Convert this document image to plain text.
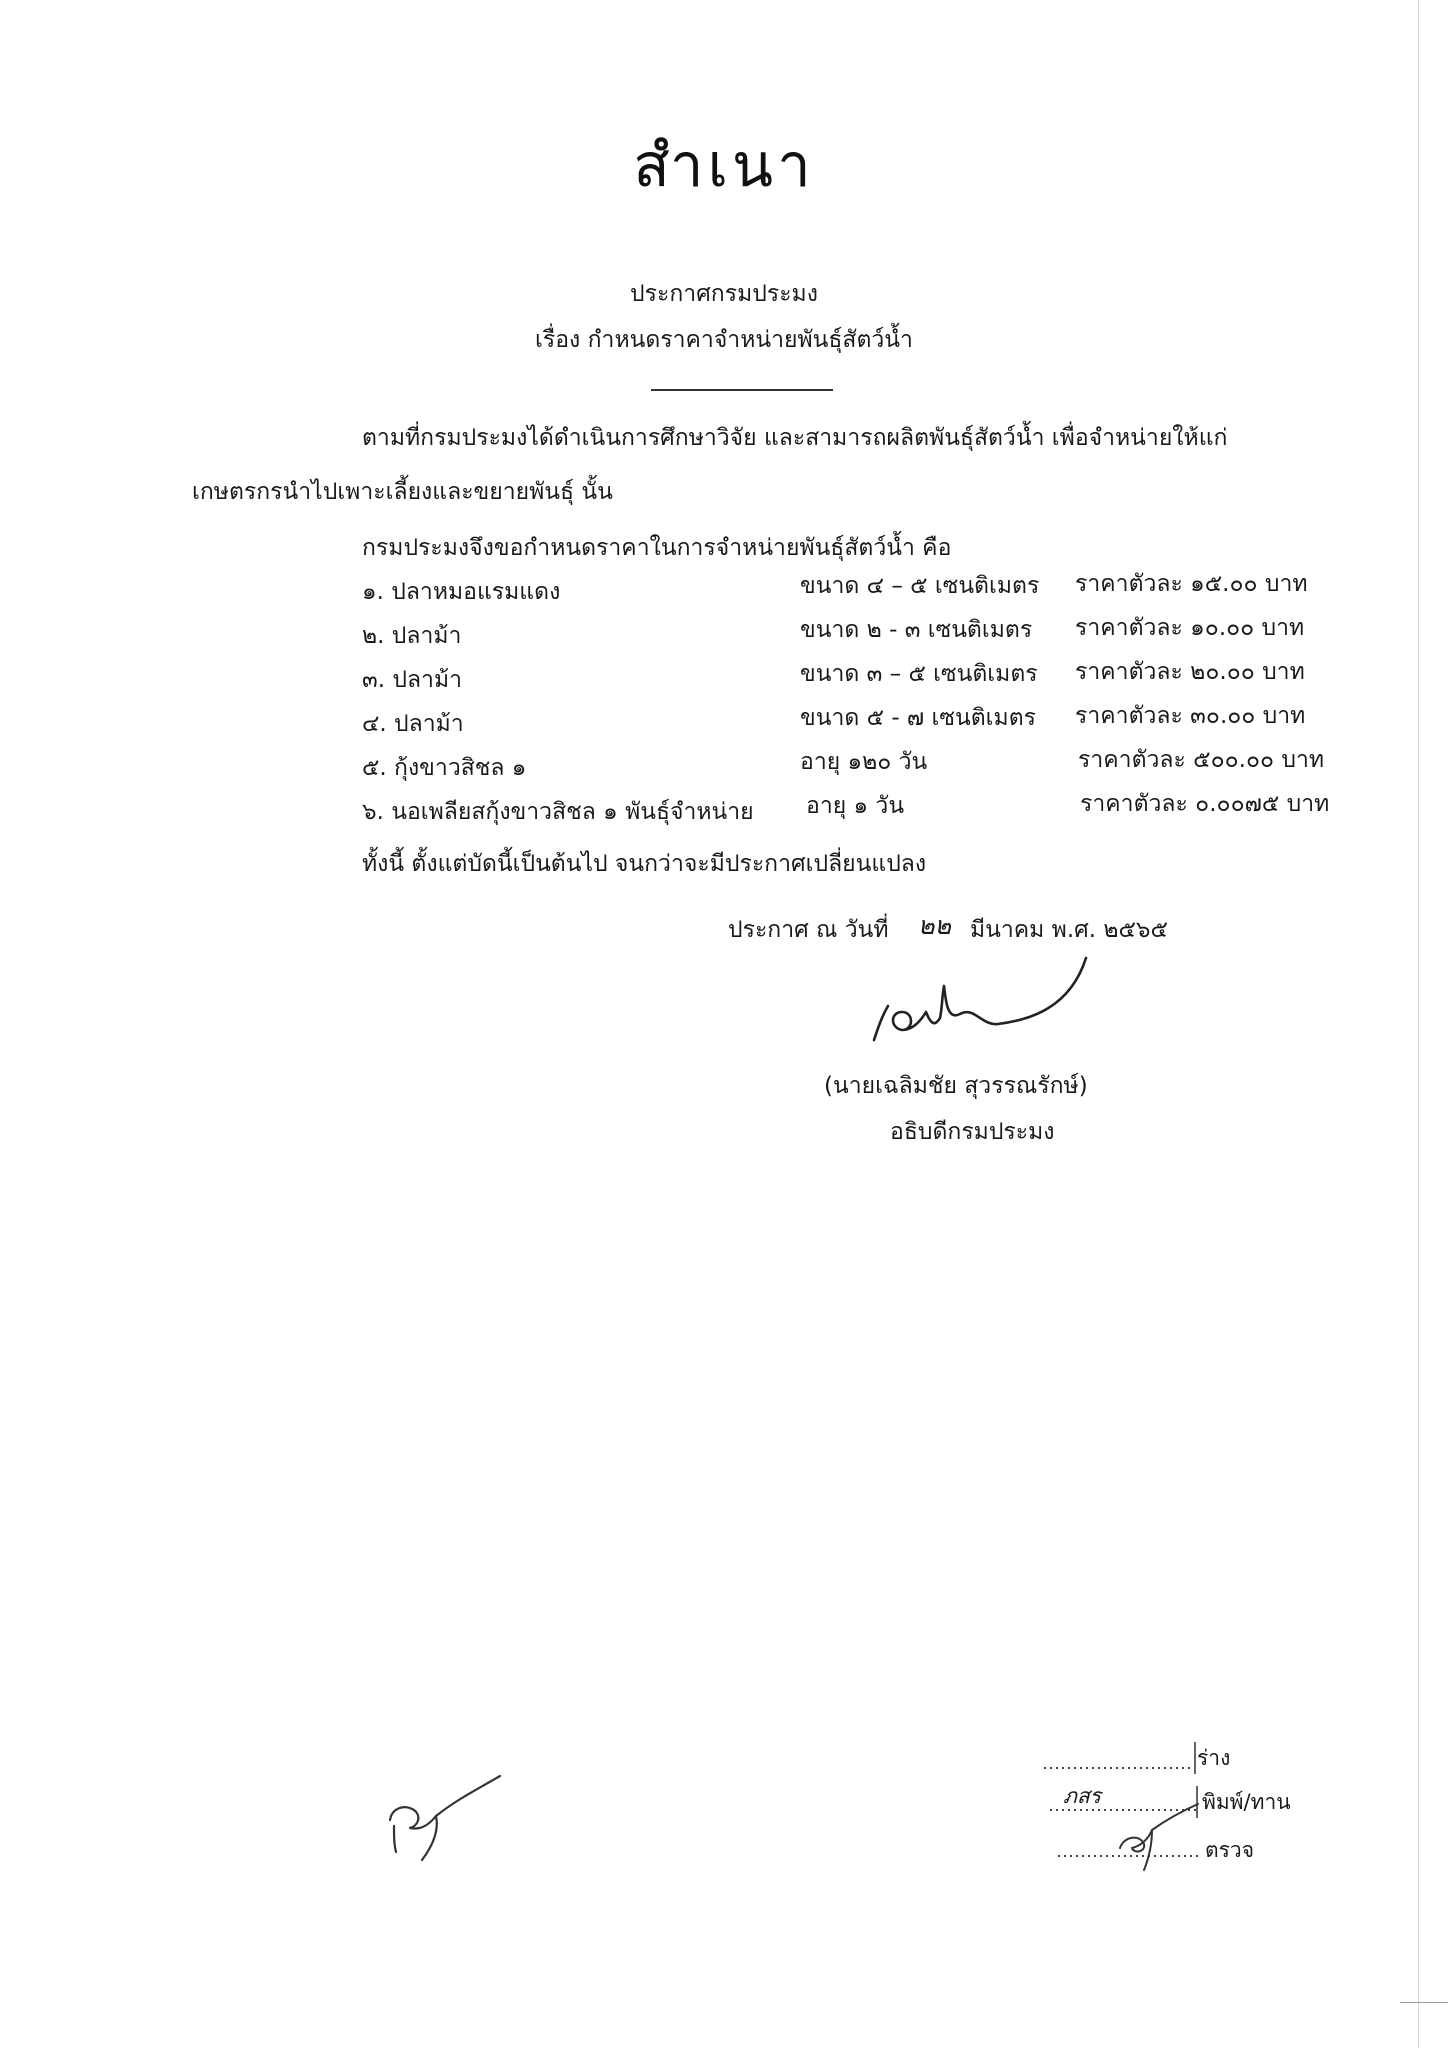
สำเนา
ประกาศกรมประมง
เรื่อง กำหนดราคาจำหน่ายพันธุ์สัตว์น้ำ
ตามที่กรมประมงได้ดำเนินการศึกษาวิจัย และสามารถผลิตพันธุ์สัตว์น้ำ เพื่อจำหน่ายให้แก่
เกษตรกรนำไปเพาะเลี้ยงและขยายพันธุ์ นั้น
กรมประมงจึงขอกำหนดราคาในการจำหน่ายพันธุ์สัตว์น้ำ คือ
๑. ปลาหมอแรมแดง	ขนาด ๔ – ๕ เซนติเมตร ราคาตัวละ ๑๕.๐๐ บาท
๒. ปลาม้า	ขนาด ๒ - ๓ เซนติเมตร ราคาตัวละ ๑๐.๐๐ บาท
๓. ปลาม้า	ขนาด ๓ – ๕ เซนติเมตร ราคาตัวละ ๒๐.๐๐ บาท
๔. ปลาม้า	ขนาด ๕ - ๗ เซนติเมตร ราคาตัวละ ๓๐.๐๐ บาท
๕. กุ้งขาวสิชล ๑	อายุ ๑๒๐ วัน	ราคาตัวละ ๕๐๐.๐๐ บาท
๖. นอเพลียสกุ้งขาวสิชล ๑ พันธุ์จำหน่าย อายุ ๑ วัน	ราคาตัวละ ๐.๐๐๗๕ บาท
ทั้งนี้ ตั้งแต่บัดนี้เป็นต้นไป จนกว่าจะมีประกาศเปลี่ยนแปลง
ประกาศ ณ วันที่ ๒๒ มีนาคม พ.ศ. ๒๕๖๕
(นายเฉลิมชัย สุวรรณรักษ์)
อธิบดีกรมประมง
ร่าง
ภสร	พิมพ์/ทาน
ตรวจ
